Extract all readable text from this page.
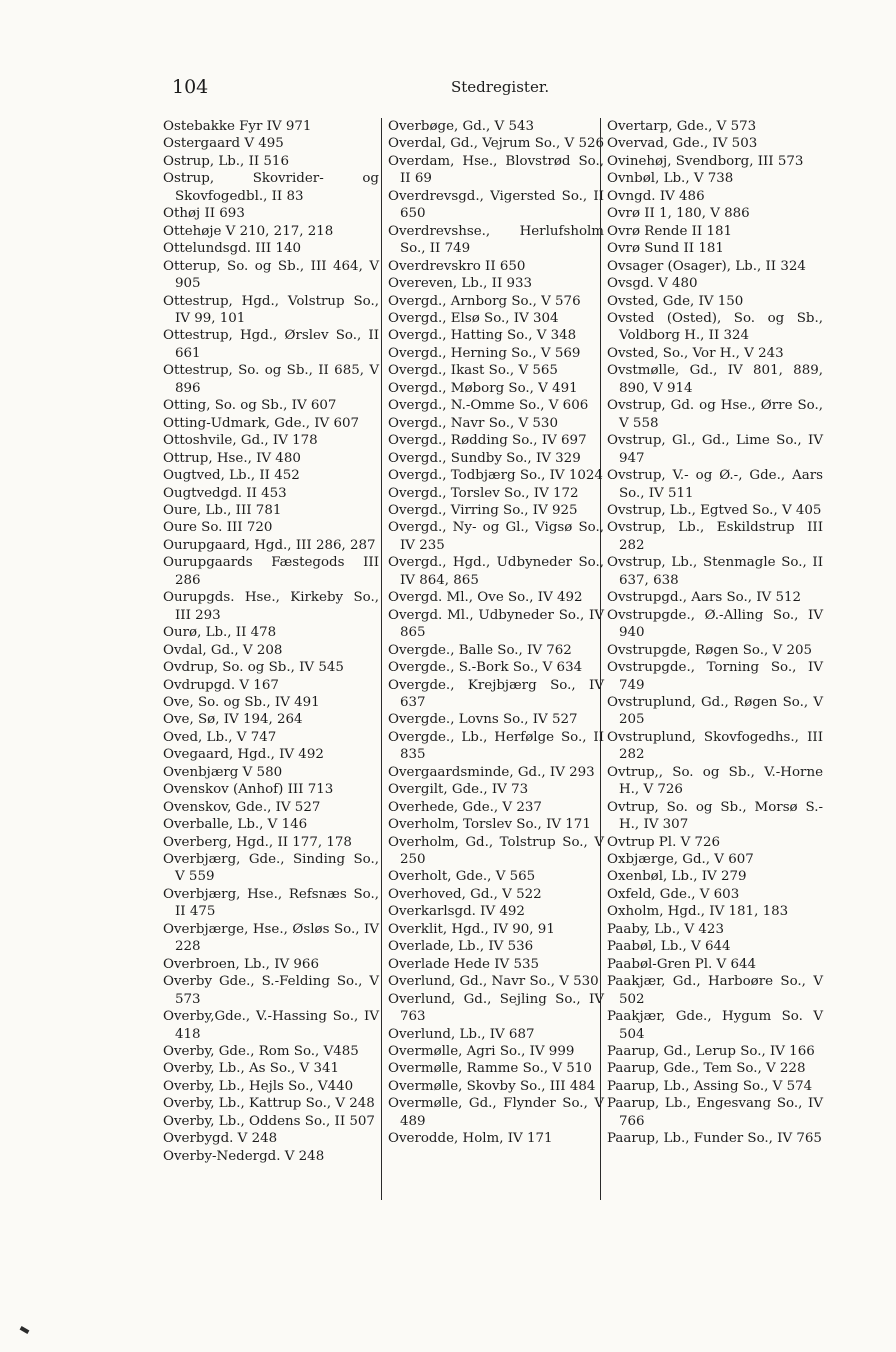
104	Stedregister.
Ostebakke Fyr IV 971
Ostergaard V 495
Ostrup, Lb., II 516
Ostrup, Skovrider- og Skovfogedbl., II 83
Othøj II 693
Ottehøje V 210, 217, 218
Ottelundsgd. III 140
Otterup, So. og Sb., III 464, V 905
Ottestrup, Hgd., Volstrup So., IV 99, 101
Ottestrup, Hgd., Ørslev So., II 661
Ottestrup, So. og Sb., II 685, V 896
Otting, So. og Sb., IV 607
Otting-Udmark, Gde., IV 607
Ottoshvile, Gd., IV 178
Ottrup, Hse., IV 480
Ougtved, Lb., II 452
Ougtvedgd. II 453
Oure, Lb., III 781
Oure So. III 720
Ourupgaard, Hgd., III 286, 287
Ourupgaards Fæstegods III 286
Ourupgds. Hse., Kirkeby So., III 293
Ourø, Lb., II 478
Ovdal, Gd., V 208
Ovdrup, So. og Sb., IV 545
Ovdrupgd. V 167
Ove, So. og Sb., IV 491
Ove, Sø, IV 194, 264
Oved, Lb., V 747
Ovegaard, Hgd., IV 492
Ovenbjærg V 580
Ovenskov (Anhof) III 713
Ovenskov, Gde., IV 527
Overballe, Lb., V 146
Overberg, Hgd., II 177, 178
Overbjærg, Gde., Sinding So., V 559
Overbjærg, Hse., Refsnæs So., II 475
Overbjærge, Hse., Øsløs So., IV 228
Overbroen, Lb., IV 966
Overby Gde., S.-Felding So., V 573
Overby,Gde., V.-Hassing So., IV 418
Overby, Gde., Rom So., V485
Overby, Lb., As So., V 341
Overby, Lb., Hejls So., V440
Overby, Lb., Kattrup So., V 248
Overby, Lb., Oddens So., II 507
Overbygd. V 248
Overby-Nedergd. V 248
Overbøge, Gd., V 543
Overdal, Gd., Vejrum So., V 526
Overdam, Hse., Blovstrød So., II 69
Overdrevsgd., Vigersted So., II 650
Overdrevshse., Herlufsholm So., II 749
Overdrevskro II 650
Overeven, Lb., II 933
Overgd., Arnborg So., V 576
Overgd., Elsø So., IV 304
Overgd., Hatting So., V 348
Overgd., Herning So., V 569
Overgd., Ikast So., V 565
Overgd., Møborg So., V 491
Overgd., N.-Omme So., V 606
Overgd., Navr So., V 530
Overgd., Rødding So., IV 697
Overgd., Sundby So., IV 329
Overgd., Todbjærg So., IV 1024
Overgd., Torslev So., IV 172
Overgd., Virring So., IV 925
Overgd., Ny- og Gl., Vigsø So., IV 235
Overgd., Hgd., Udbyneder So., IV 864, 865
Overgd. Ml., Ove So., IV 492
Overgd. Ml., Udbyneder So., IV 865
Overgde., Balle So., IV 762
Overgde., S.-Bork So., V 634
Overgde., Krejbjærg So., IV 637
Overgde., Lovns So., IV 527
Overgde., Lb., Herfølge So., II 835
Overgaardsminde, Gd., IV 293
Overgilt, Gde., IV 73
Overhede, Gde., V 237
Overholm, Torslev So., IV 171
Overholm, Gd., Tolstrup So., V 250
Overholt, Gde., V 565
Overhoved, Gd., V 522
Overkarlsgd. IV 492
Overklit, Hgd., IV 90, 91
Overlade, Lb., IV 536
Overlade Hede IV 535
Overlund, Gd., Navr So., V 530
Overlund, Gd., Sejling So., IV 763
Overlund, Lb., IV 687
Overmølle, Agri So., IV 999
Overmølle, Ramme So., V 510
Overmølle, Skovby So., III 484
Overmølle, Gd., Flynder So., V 489
Overodde, Holm, IV 171
Overtarp, Gde., V 573
Overvad, Gde., IV 503
Ovinehøj, Svendborg, III 573
Ovnbøl, Lb., V 738
Ovngd. IV 486
Ovrø II 1, 180, V 886
Ovrø Rende II 181
Ovrø Sund II 181
Ovsager (Osager), Lb., II 324
Ovsgd. V 480
Ovsted, Gde, IV 150
Ovsted (Osted), So. og Sb., Voldborg H., II 324
Ovsted, So., Vor H., V 243
Ovstmølle, Gd., IV 801, 889, 890, V 914
Ovstrup, Gd. og Hse., Ørre So., V 558
Ovstrup, Gl., Gd., Lime So., IV 947
Ovstrup, V.- og Ø.-, Gde., Aars So., IV 511
Ovstrup, Lb., Egtved So., V 405
Ovstrup, Lb., Eskildstrup III 282
Ovstrup, Lb., Stenmagle So., II 637, 638
Ovstrupgd., Aars So., IV 512
Ovstrupgde., Ø.-Alling So., IV 940
Ovstrupgde, Røgen So., V 205
Ovstrupgde., Torning So., IV 749
Ovstruplund, Gd., Røgen So., V 205
Ovstruplund, Skovfogedhs., III 282
Ovtrup,, So. og Sb., V.-Horne H., V 726
Ovtrup, So. og Sb., Morsø S.-H., IV 307
Ovtrup Pl. V 726
Oxbjærge, Gd., V 607
Oxenbøl, Lb., IV 279
Oxfeld, Gde., V 603
Oxholm, Hgd., IV 181, 183
Paaby, Lb., V 423
Paabøl, Lb., V 644
Paabøl-Gren Pl. V 644
Paakjær, Gd., Harboøre So., V 502
Paakjær, Gde., Hygum So. V 504
Paarup, Gd., Lerup So., IV 166
Paarup, Gde., Tem So., V 228
Paarup, Lb., Assing So., V 574
Paarup, Lb., Engesvang So., IV 766
Paarup, Lb., Funder So., IV 765
